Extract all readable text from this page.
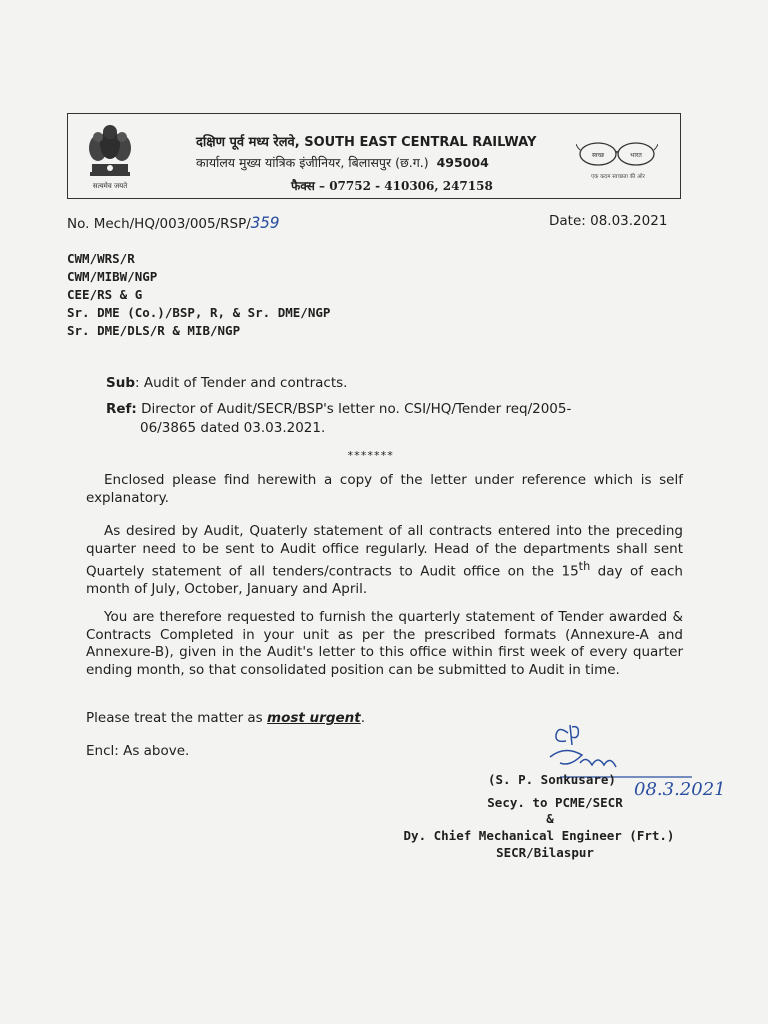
सत्यमेव जयते
दक्षिण पूर्व मध्य रेलवे, SOUTH EAST CENTRAL RAILWAY
कार्यालय मुख्य यांत्रिक इंजीनियर, बिलासपुर (छ.ग.) 495004
फैक्स – 07752 - 410306, 247158
स्वच्छ	भारत
एक कदम स्वच्छता की ओर
No. Mech/HQ/003/005/RSP/359	Date: 08.03.2021
CWM/WRS/R
CWM/MIBW/NGP
CEE/RS & G
Sr. DME (Co.)/BSP, R, & Sr. DME/NGP
Sr. DME/DLS/R & MIB/NGP
Sub: Audit of Tender and contracts.
Ref: Director of Audit/SECR/BSP's letter no. CSI/HQ/Tender req/2005-
06/3865 dated 03.03.2021.
*******
Enclosed please find herewith a copy of the letter under reference which is self explanatory.
As desired by Audit, Quaterly statement of all contracts entered into the preceding quarter need to be sent to Audit office regularly. Head of the departments shall sent Quartely statement of all tenders/contracts to Audit office on the 15th day of each month of July, October, January and April.
You are therefore requested to furnish the quarterly statement of Tender awarded & Contracts Completed in your unit as per the prescribed formats (Annexure-A and Annexure-B), given in the Audit's letter to this office within first week of every quarter ending month, so that consolidated position can be submitted to Audit in time.
Please treat the matter as most urgent.
Encl: As above.
(S. P. Sonkusare) 08.3.2021
Secy. to PCME/SECR
&
Dy. Chief Mechanical Engineer (Frt.)
SECR/Bilaspur
